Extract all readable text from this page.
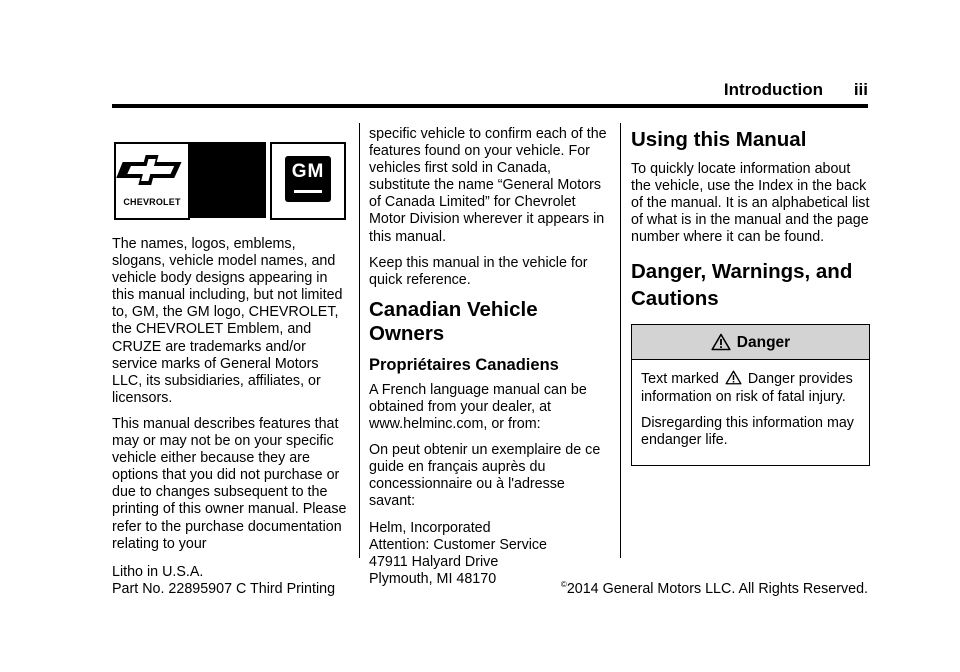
Introduction iii
CHEVROLET
GM

The names, logos, emblems, slogans, vehicle model names, and vehicle body designs appearing in this manual including, but not limited to, GM, the GM logo, CHEVROLET, the CHEVROLET Emblem, and CRUZE are trademarks and/or service marks of General Motors LLC, its subsidiaries, affiliates, or licensors.

This manual describes features that may or may not be on your specific vehicle either because they are options that you did not purchase or due to changes subsequent to the printing of this owner manual. Please refer to the purchase documentation relating to your

specific vehicle to confirm each of the features found on your vehicle. For vehicles first sold in Canada, substitute the name “General Motors of Canada Limited” for Chevrolet Motor Division wherever it appears in this manual.

Keep this manual in the vehicle for quick reference.

Canadian Vehicle Owners
Propriétaires Canadiens

A French language manual can be obtained from your dealer, at www.helminc.com, or from:

On peut obtenir un exemplaire de ce guide en français auprès du concessionnaire ou à l'adresse savant:

Helm, Incorporated
Attention: Customer Service
47911 Halyard Drive
Plymouth, MI 48170

Using this Manual

To quickly locate information about the vehicle, use the Index in the back of the manual. It is an alphabetical list of what is in the manual and the page number where it can be found.

Danger, Warnings, and Cautions
Danger

Text marked Danger provides information on risk of fatal injury.

Disregarding this information may endanger life.

Litho in U.S.A.
Part No. 22895907 C Third Printing	©2014 General Motors LLC. All Rights Reserved.
